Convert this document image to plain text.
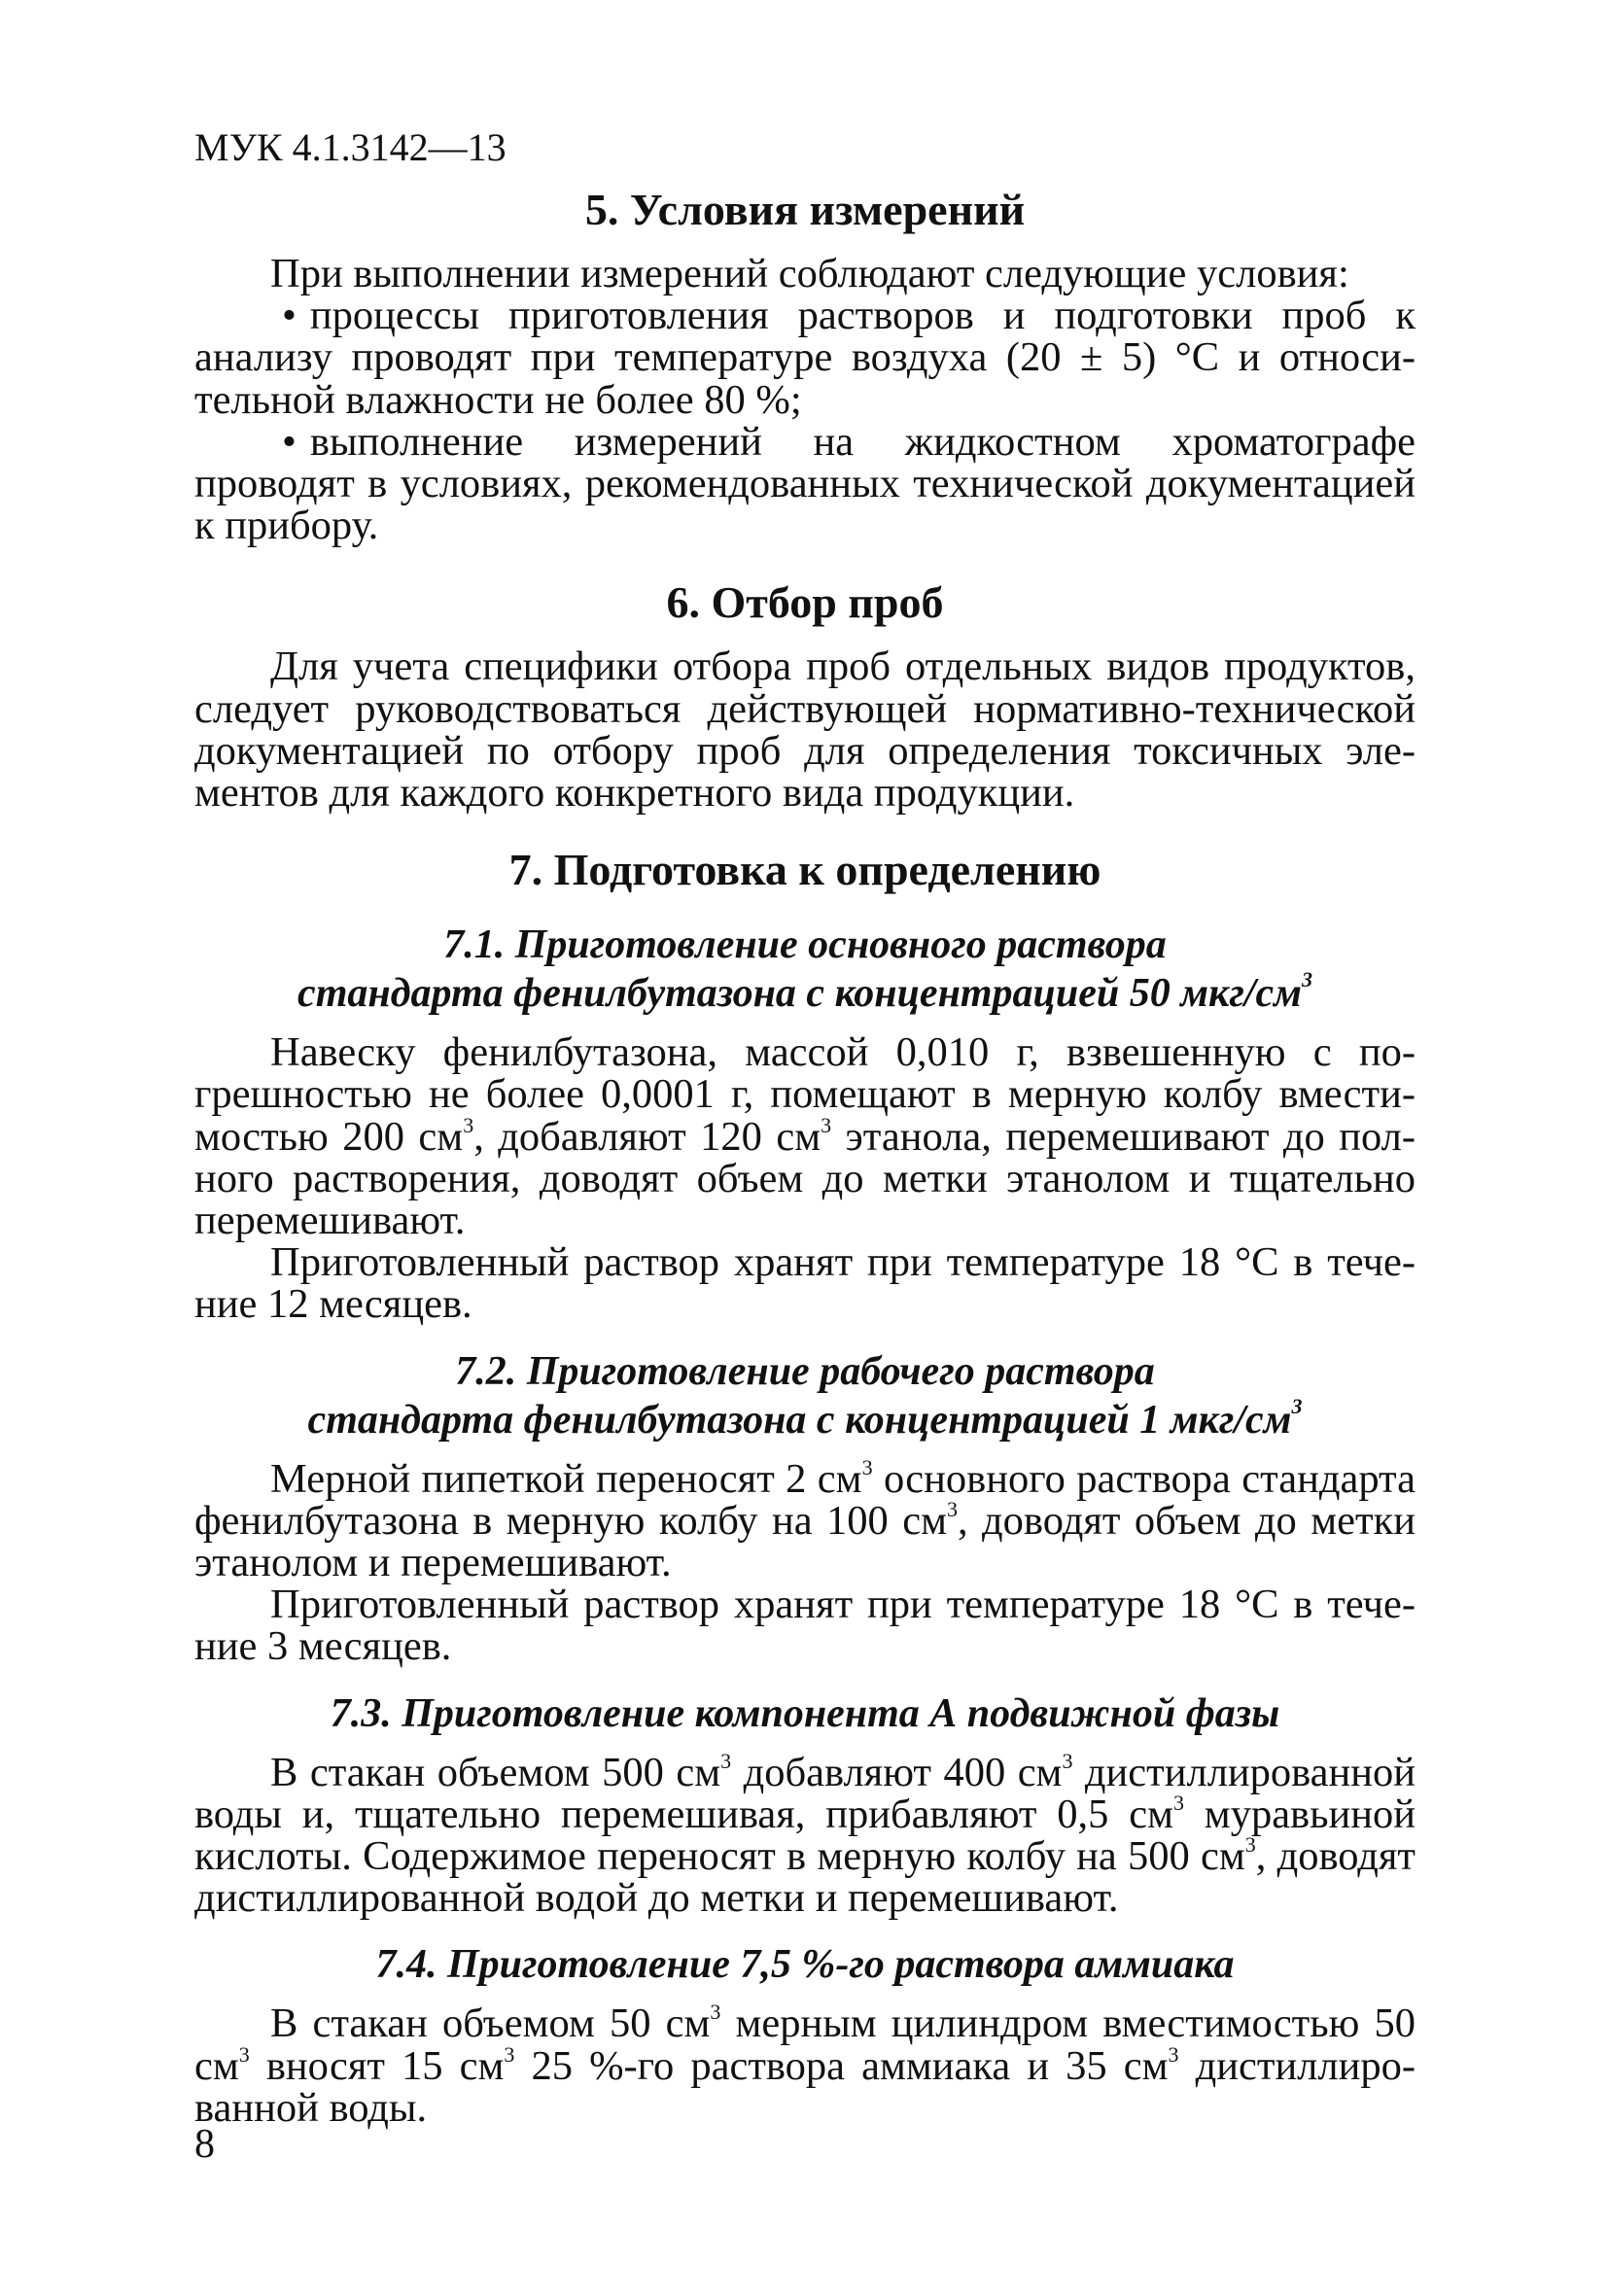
МУК 4.1.3142—13
5. Условия измерений

При выполнении измерений соблюдают следующие условия:

• процессы приготовления растворов и подготовки проб к анализу проводят при температуре воздуха (20 ± 5) °С и относительной влажности не более 80 %;

• выполнение измерений на жидкостном хроматографе проводят в условиях, рекомендованных технической документацией к прибору.

6. Отбор проб

Для учета специфики отбора проб отдельных видов продуктов, следует руководствоваться действующей нормативно-технической документацией по отбору проб для определения токсичных элементов для каждого конкретного вида продукции.

7. Подготовка к определению
7.1. Приготовление основного раствора
стандарта фенилбутазона с концентрацией 50 мкг/$см^3$

Навеску фенилбутазона, массой 0,010 г, взвешенную с погрешностью не более 0,0001 г, помещают в мерную колбу вместимостью 200 $см^3$, добавляют 120 $см^3$ этанола, перемешивают до полного растворения, доводят объем до метки этанолом и тщательно перемешивают.

Приготовленный раствор хранят при температуре 18 °С в течение 12 месяцев.

7.2. Приготовление рабочего раствора
стандарта фенилбутазона с концентрацией 1 мкг/$см^3$

Мерной пипеткой переносят 2 $см^3$ основного раствора стандарта фенилбутазона в мерную колбу на 100 $см^3$, доводят объем до метки этанолом и перемешивают.

Приготовленный раствор хранят при температуре 18 °С в течение 3 месяцев.

7.3. Приготовление компонента А подвижной фазы

В стакан объемом 500 $см^3$ добавляют 400 $см^3$ дистиллированной воды и, тщательно перемешивая, прибавляют 0,5 $см^3$ муравьиной кислоты. Содержимое переносят в мерную колбу на 500 $см^3$, доводят дистиллированной водой до метки и перемешивают.

7.4. Приготовление 7,5 %-го раствора аммиака

В стакан объемом 50 $см^3$ мерным цилиндром вместимостью 50 $см^3$ вносят 15 $см^3$ 25 %-го раствора аммиака и 35 $см^3$ дистиллированной воды.

8
